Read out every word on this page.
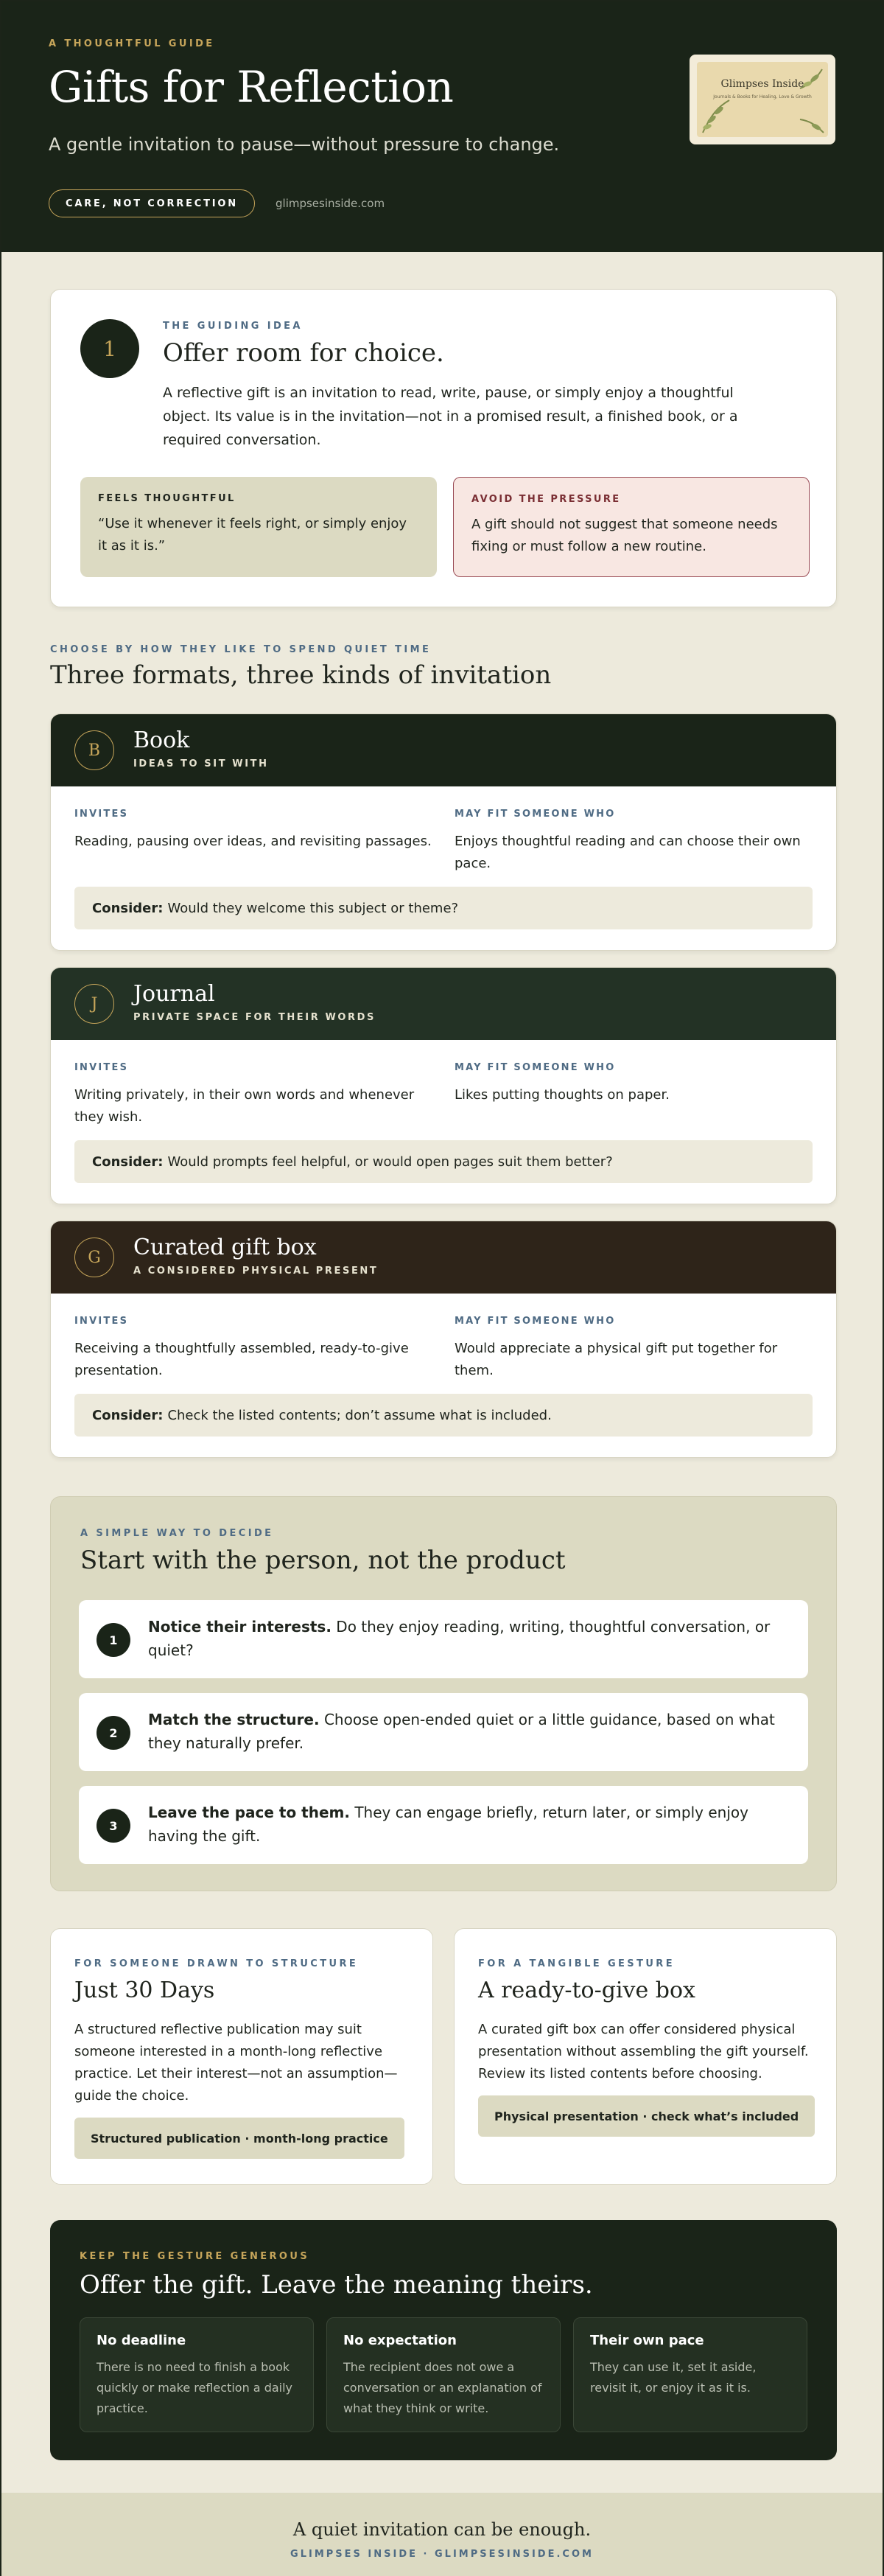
A THOUGHTFUL GUIDE
Gifts for Reflection
A gentle invitation to pause—without pressure to change.
CARE, NOT CORRECTION	glimpsesinside.com
Glimpses Inside
Journals & Books for Healing, Love & Growth
1
THE GUIDING IDEA
Offer room for choice.

A reflective gift is an invitation to read, write, pause, or simply enjoy a thoughtful object. Its value is in the invitation—not in a promised result, a finished book, or a required conversation.

FEELS THOUGHTFUL
“Use it whenever it feels right, or simply enjoy it as it is.”
AVOID THE PRESSURE
A gift should not suggest that someone needs fixing or must follow a new routine.
CHOOSE BY HOW THEY LIKE TO SPEND QUIET TIME
Three formats, three kinds of invitation
B	Book
IDEAS TO SIT WITH
INVITES
Reading, pausing over ideas, and revisiting passages.
MAY FIT SOMEONE WHO
Enjoys thoughtful reading and can choose their own pace.
Consider: Would they welcome this subject or theme?
J	Journal
PRIVATE SPACE FOR THEIR WORDS
INVITES
Writing privately, in their own words and whenever they wish.
MAY FIT SOMEONE WHO
Likes putting thoughts on paper.
Consider: Would prompts feel helpful, or would open pages suit them better?
G	Curated gift box
A CONSIDERED PHYSICAL PRESENT
INVITES
Receiving a thoughtfully assembled, ready-to-give presentation.
MAY FIT SOMEONE WHO
Would appreciate a physical gift put together for them.
Consider: Check the listed contents; don’t assume what is included.
A SIMPLE WAY TO DECIDE
Start with the person, not the product
1
Notice their interests. Do they enjoy reading, writing, thoughtful conversation, or quiet?
2
Match the structure. Choose open-ended quiet or a little guidance, based on what they naturally prefer.
3
Leave the pace to them. They can engage briefly, return later, or simply enjoy having the gift.
FOR SOMEONE DRAWN TO STRUCTURE
Just 30 Days

A structured reflective publication may suit someone interested in a month-long reflective practice. Let their interest—not an assumption—guide the choice.

Structured publication · month-long practice
FOR A TANGIBLE GESTURE
A ready-to-give box

A curated gift box can offer considered physical presentation without assembling the gift yourself. Review its listed contents before choosing.

Physical presentation · check what’s included
KEEP THE GESTURE GENEROUS
Offer the gift. Leave the meaning theirs.
No deadline
There is no need to finish a book quickly or make reflection a daily practice.
No expectation
The recipient does not owe a conversation or an explanation of what they think or write.
Their own pace
They can use it, set it aside, revisit it, or enjoy it as it is.
A quiet invitation can be enough.
GLIMPSES INSIDE · GLIMPSESINSIDE.COM
